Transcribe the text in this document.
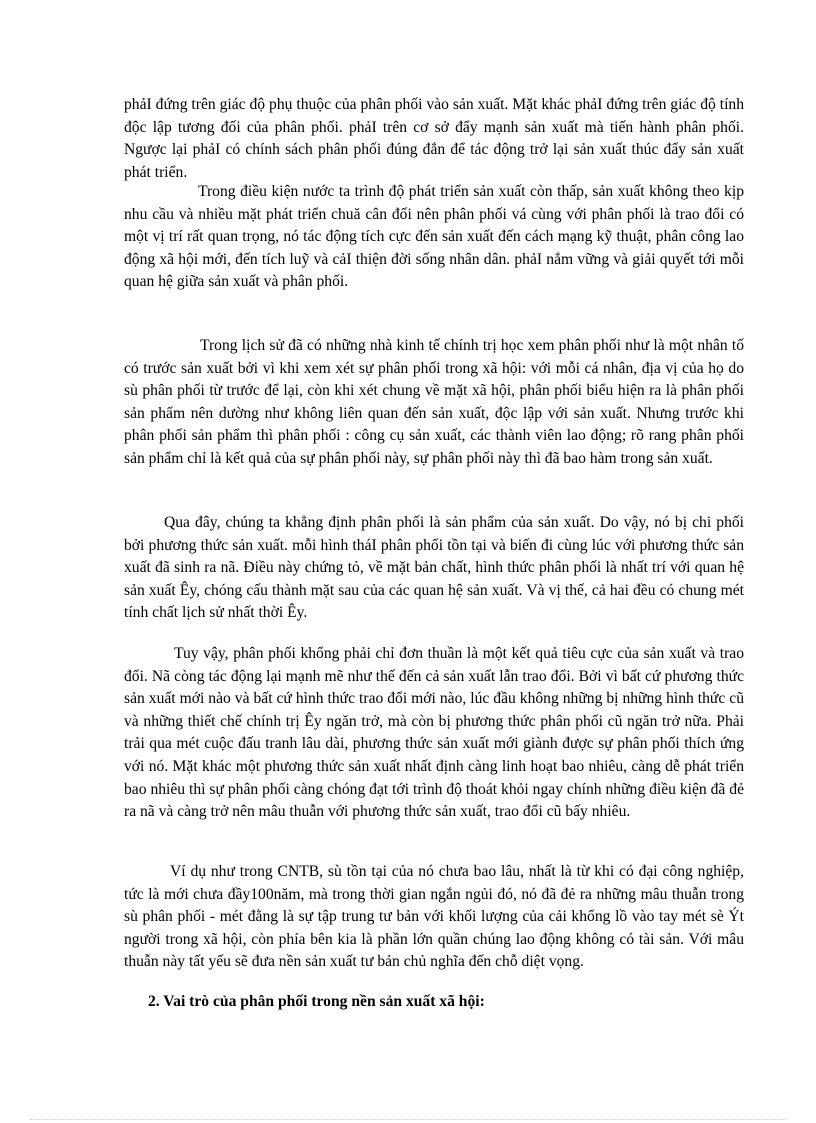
phảI đứng trên giác độ phụ thuộc của phân phối vào sản xuất. Mặt khác phảI đứng trên giác độ tính độc lập tương đối của phân phối. phảI trên cơ sở đẩy mạnh sản xuất mà tiến hành phân phối. Ngược lại phảI có chính sách phân phối đúng đắn để tác động trở lại sản xuất thúc đẩy sản xuất phát triển.

Trong điều kiện nước ta trình độ phát triển sản xuất còn thấp, sản xuất không theo kịp nhu cầu và nhiều mặt phát triển chuă cân đối nên phân phối vá cùng với phân phối là trao đổi có một vị trí rất quan trọng, nó tác động tích cực đến sản xuất đến cách mạng kỹ thuật, phân công lao động xã hội mới, đến tích luỹ và cảI thiện đời sống nhân dân. phảI nắm vững và giải quyết tới mỗi quan hệ giữa sản xuất và phân phối.

Trong lịch sử đã có những nhà kinh tế chính trị học xem phân phối như là một nhân tố có trước sản xuất bởi vì khi xem xét sự phân phối trong xã hội: với mỗi cá nhân, địa vị của họ do sù phân phối từ trước để lại, còn khi xét chung về mặt xã hội, phân phối biểu hiện ra là phân phối sản phẩm nên dường như không liên quan đến sản xuất, độc lập với sản xuất. Nhưng trước khi phân phối sản phẩm thì phân phối : công cụ sản xuất, các thành viên lao động; rõ rang phân phối sản phẩm chỉ là kết quả của sự phân phối này, sự phân phối này thì đã bao hàm trong sản xuất.

Qua đây, chúng ta khẳng định phân phối là sản phẩm của sản xuất. Do vậy, nó bị chi phối bởi phương thức sản xuất. mỗi hình tháI phân phối tồn tại và biến đi cùng lúc với phương thức sản xuất đã sinh ra nã. Điều này chứng tỏ, về mặt bản chất, hình thức phân phối là nhất trí với quan hệ sản xuất Êy, chóng cấu thành mặt sau của các quan hệ sản xuất. Và vị thế, cả hai đều có chung mét tính chất lịch sử nhất thời Êy.

Tuy vậy, phân phối khổng phải chỉ đơn thuần là một kết quả tiêu cực của sản xuất và trao đổi. Nã còng tác động lại mạnh mẽ như thế đến cả sản xuất lẫn trao đổi. Bởi vì bất cứ phương thức sản xuất mới nào và bất cứ hình thức trao đổi mới nào, lúc đầu không những bị những hình thức cũ và những thiết chế chính trị Êy ngăn trở, mà còn bị phương thức phân phối cũ ngăn trở nữa. Phải trải qua mét cuộc đấu tranh lâu dài, phương thức sản xuất mới giành được sự phân phối thích ứng với nó. Mặt khác một phương thức sản xuất nhất định càng linh hoạt bao nhiêu, càng dễ phát triển bao nhiêu thì sự phân phối càng chóng đạt tới trình độ thoát khỏi ngay chính những điều kiện đã đẻ ra nã và càng trở nên mâu thuẫn với phương thức sản xuất, trao đổi cũ bấy nhiêu.

Ví dụ như trong CNTB, sù tồn tại của nó chưa bao lâu, nhất là từ khi có đại công nghiệp, tức là mới chưa đầy100năm, mà trong thời gian ngắn ngủi đó, nó đã đẻ ra những mâu thuẫn trong sù phân phối - mét đằng là sự tập trung tư bản với khối lượng của cải khổng lồ vào tay mét sè Ýt người trong xã hội, còn phía bên kia là phần lớn quần chúng lao động không có tài sản. Với mâu thuẫn này tất yếu sẽ đưa nền sản xuất tư bản chủ nghĩa đến chỗ diệt vọng.

2. Vai trò của phân phối trong nền sản xuất xã hội:
